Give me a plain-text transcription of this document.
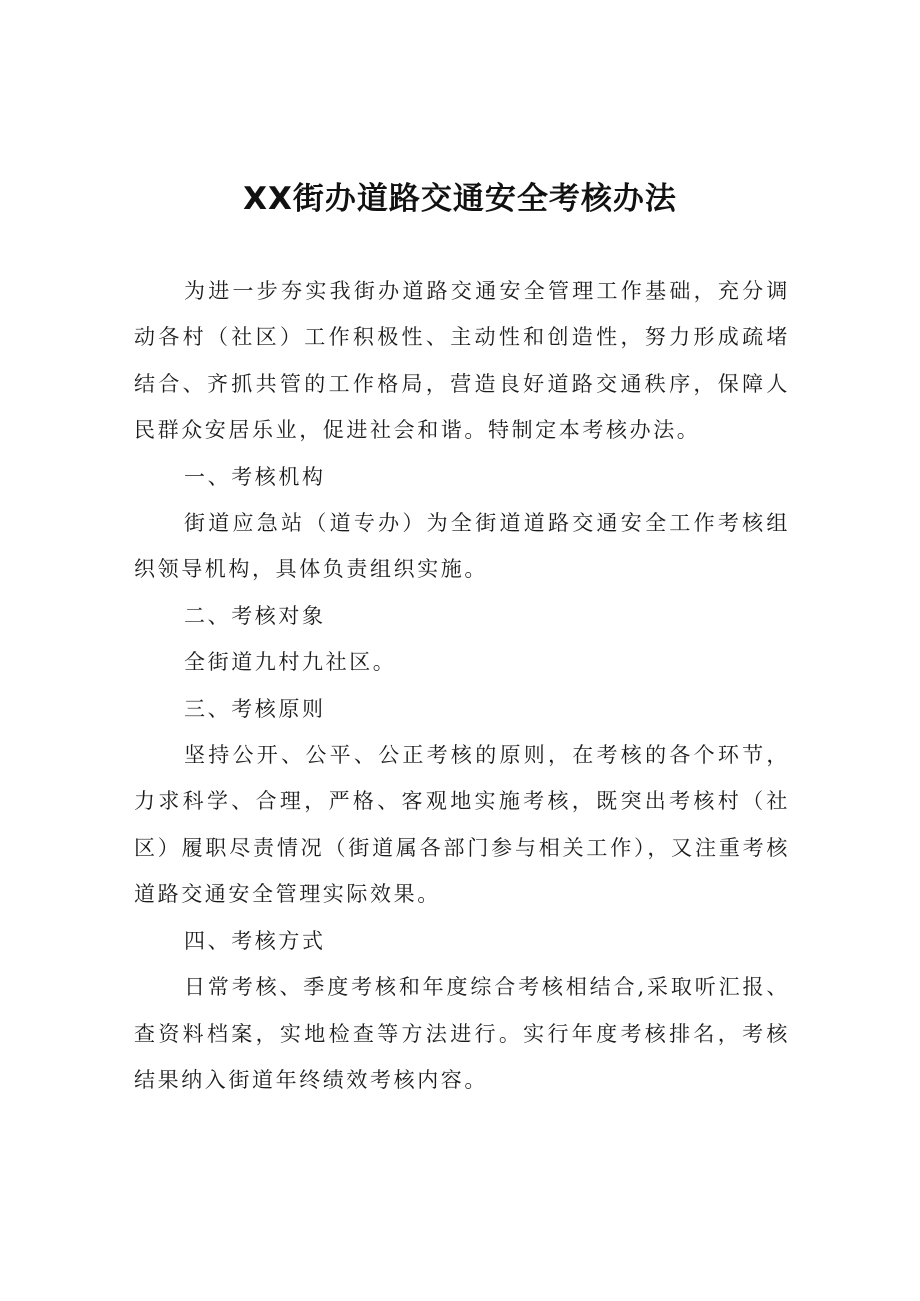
XX街办道路交通安全考核办法

为进一步夯实我街办道路交通安全管理工作基础，充分调动各村（社区）工作积极性、主动性和创造性，努力形成疏堵结合、齐抓共管的工作格局，营造良好道路交通秩序，保障人民群众安居乐业，促进社会和谐。特制定本考核办法。

一、考核机构

街道应急站（道专办）为全街道道路交通安全工作考核组织领导机构，具体负责组织实施。

二、考核对象

全街道九村九社区。

三、考核原则

坚持公开、公平、公正考核的原则，在考核的各个环节，力求科学、合理，严格、客观地实施考核，既突出考核村（社区）履职尽责情况（街道属各部门参与相关工作），又注重考核道路交通安全管理实际效果。

四、考核方式

日常考核、季度考核和年度综合考核相结合,采取听汇报、查资料档案，实地检查等方法进行。实行年度考核排名，考核结果纳入街道年终绩效考核内容。
